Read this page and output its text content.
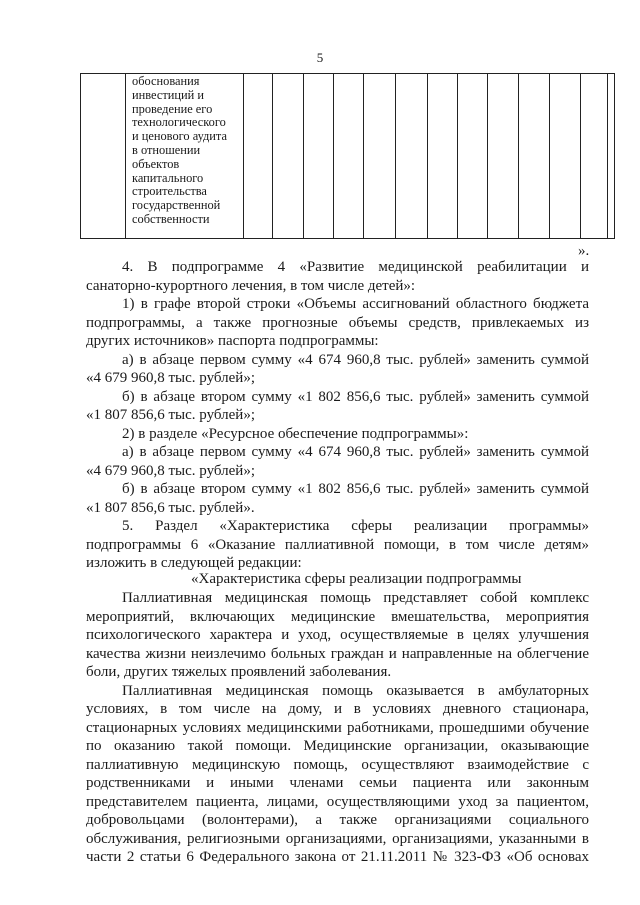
5

обоснования
инвестиций и
проведение его
технологического
и ценового аудита
в отношении
объектов
капитального
строительства
государственной
собственности

».
4. В подпрограмме 4 «Развитие медицинской реабилитации и
санаторно-курортного лечения, в том числе детей»:
1) в графе второй строки «Объемы ассигнований областного бюджета
подпрограммы, а также прогнозные объемы средств, привлекаемых из
других источников» паспорта подпрограммы:
а) в абзаце первом сумму «4 674 960,8 тыс. рублей» заменить суммой
«4 679 960,8 тыс. рублей»;
б) в абзаце втором сумму «1 802 856,6 тыс. рублей» заменить суммой
«1 807 856,6 тыс. рублей»;
2) в разделе «Ресурсное обеспечение подпрограммы»:
а) в абзаце первом сумму «4 674 960,8 тыс. рублей» заменить суммой
«4 679 960,8 тыс. рублей»;
б) в абзаце втором сумму «1 802 856,6 тыс. рублей» заменить суммой
«1 807 856,6 тыс. рублей».
5. Раздел «Характеристика сферы реализации программы»
подпрограммы 6 «Оказание паллиативной помощи, в том числе детям»
изложить в следующей редакции:
«Характеристика сферы реализации подпрограммы
Паллиативная медицинская помощь представляет собой комплекс
мероприятий, включающих медицинские вмешательства, мероприятия
психологического характера и уход, осуществляемые в целях улучшения
качества жизни неизлечимо больных граждан и направленные на облегчение
боли, других тяжелых проявлений заболевания.
Паллиативная медицинская помощь оказывается в амбулаторных
условиях, в том числе на дому, и в условиях дневного стационара,
стационарных условиях медицинскими работниками, прошедшими обучение
по оказанию такой помощи. Медицинские организации, оказывающие
паллиативную медицинскую помощь, осуществляют взаимодействие с
родственниками и иными членами семьи пациента или законным
представителем пациента, лицами, осуществляющими уход за пациентом,
добровольцами (волонтерами), а также организациями социального
обслуживания, религиозными организациями, организациями, указанными в
части 2 статьи 6 Федерального закона от 21.11.2011 № 323-ФЗ «Об основах
